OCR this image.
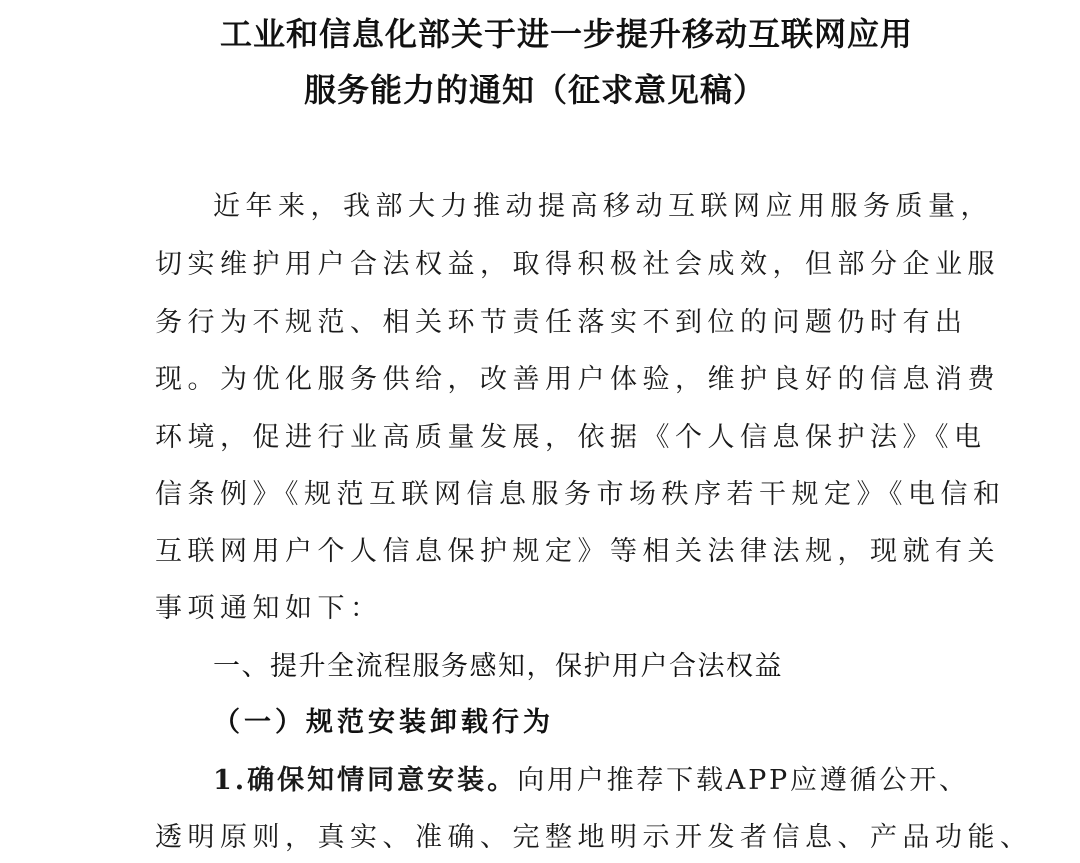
工业和信息化部关于进一步提升移动互联网应用
服务能力的通知（征求意见稿）
近年来，我部大力推动提高移动互联网应用服务质量，
切实维护用户合法权益，取得积极社会成效，但部分企业服
务行为不规范、相关环节责任落实不到位的问题仍时有出
现。为优化服务供给，改善用户体验，维护良好的信息消费
环境，促进行业高质量发展，依据《个人信息保护法》《电
信条例》《规范互联网信息服务市场秩序若干规定》《电信和
互联网用户个人信息保护规定》等相关法律法规，现就有关
事项通知如下：
一、提升全流程服务感知，保护用户合法权益
（一）规范安装卸载行为
1.确保知情同意安装。向用户推荐下载APP应遵循公开、
透明原则，真实、准确、完整地明示开发者信息、产品功能、
